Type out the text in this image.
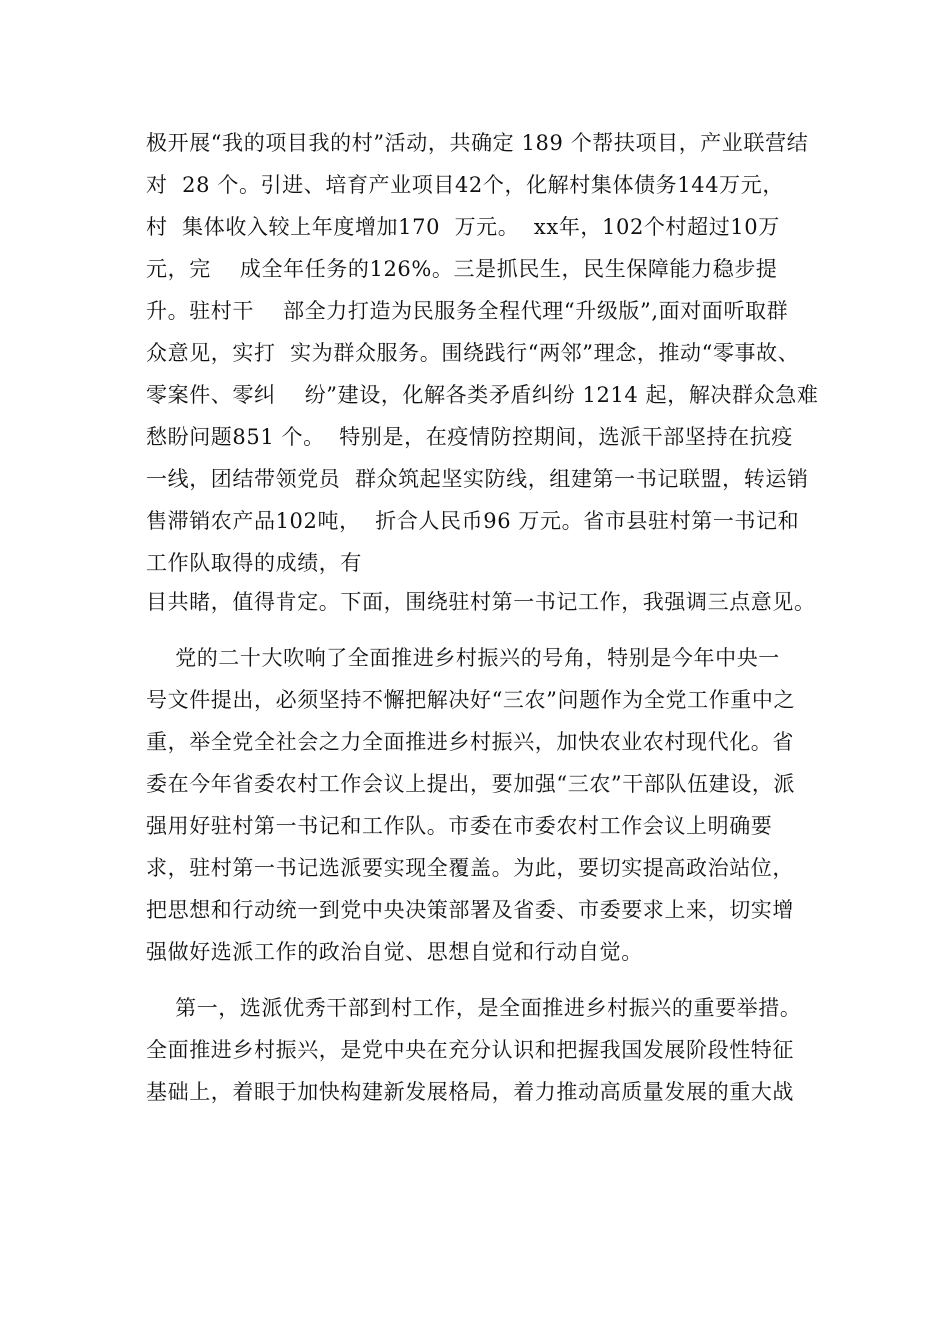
极开展“我的项目我的村”活动，共确定 189 个帮扶项目，产业联营结
对  28 个。引进、培育产业项目42个，化解村集体债务144万元，
村  集体收入较上年度增加170  万元。  xx年，102个村超过10万
元，完    成全年任务的126%。三是抓民生，民生保障能力稳步提
升。驻村干    部全力打造为民服务全程代理“升级版”,面对面听取群
众意见，实打  实为群众服务。围绕践行“两邻”理念，推动“零事故、
零案件、零纠    纷”建设，化解各类矛盾纠纷 1214 起，解决群众急难
愁盼问题851 个。  特别是，在疫情防控期间，选派干部坚持在抗疫
一线，团结带领党员  群众筑起坚实防线，组建第一书记联盟，转运销
售滞销农产品102吨，  折合人民币96 万元。省市县驻村第一书记和
工作队取得的成绩，有
目共睹，值得肯定。下面，围绕驻村第一书记工作，我强调三点意见。
党的二十大吹响了全面推进乡村振兴的号角，特别是今年中央一
号文件提出，必须坚持不懈把解决好“三农”问题作为全党工作重中之
重，举全党全社会之力全面推进乡村振兴，加快农业农村现代化。省
委在今年省委农村工作会议上提出，要加强“三农”干部队伍建设，派
强用好驻村第一书记和工作队。市委在市委农村工作会议上明确要
求，驻村第一书记选派要实现全覆盖。为此，要切实提高政治站位，
把思想和行动统一到党中央决策部署及省委、市委要求上来，切实增
强做好选派工作的政治自觉、思想自觉和行动自觉。
第一，选派优秀干部到村工作，是全面推进乡村振兴的重要举措。
全面推进乡村振兴，是党中央在充分认识和把握我国发展阶段性特征
基础上，着眼于加快构建新发展格局，着力推动高质量发展的重大战
